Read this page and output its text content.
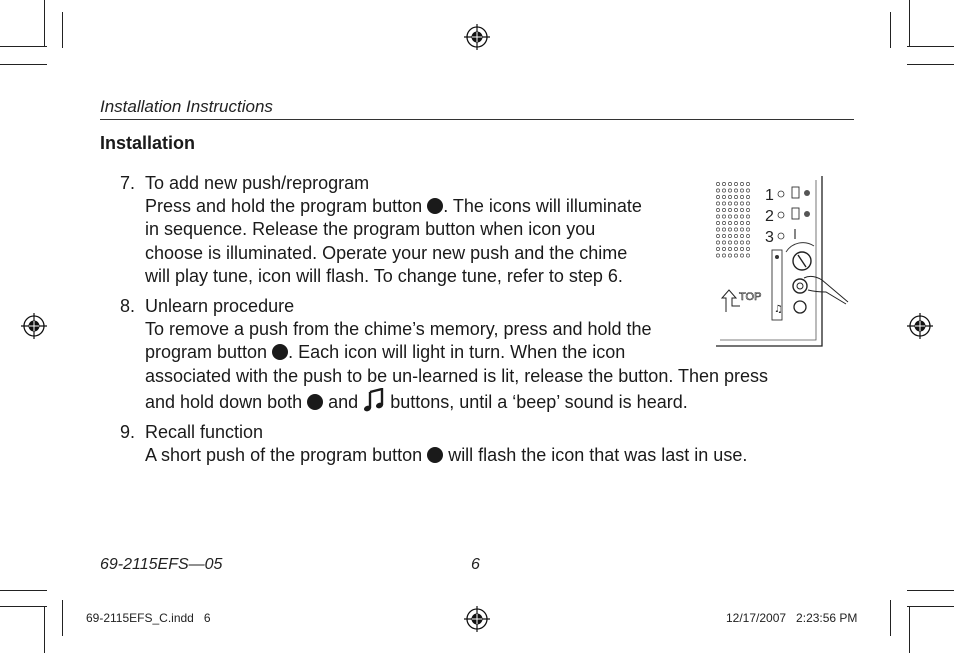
Installation Instructions
Installation
7. To add new push/reprogram
Press and hold the program button . The icons will illuminate
in sequence. Release the program button when icon you
choose is illuminated. Operate your new push and the chime
will play tune, icon will flash. To change tune, refer to step 6.
8. Unlearn procedure
To remove a push from the chime’s memory, press and hold the
program button . Each icon will light in turn. When the icon
associated with the push to be un-learned is lit, release the button. Then press
and hold down both  and  buttons, until a ‘beep’ sound is heard.
9. Recall function
A short push of the program button  will flash the icon that was last in use.
1
2
3
♫
TOP
69-2115EFS—05	6
69-2115EFS_C.indd   6	12/17/2007   2:23:56 PM
